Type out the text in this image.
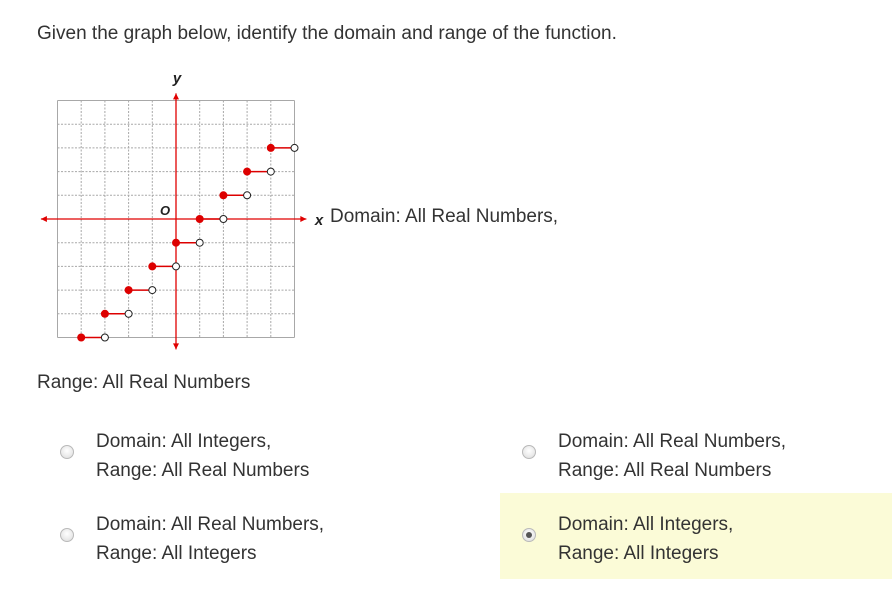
Given the graph below, identify the domain and range of the function.
y
x
O	Domain: All Real Numbers,
Range: All Real Numbers
Domain: All Integers,
Range: All Real Numbers
Domain: All Real Numbers,
Range: All Real Numbers
Domain: All Real Numbers,
Range: All Integers
Domain: All Integers,
Range: All Integers
